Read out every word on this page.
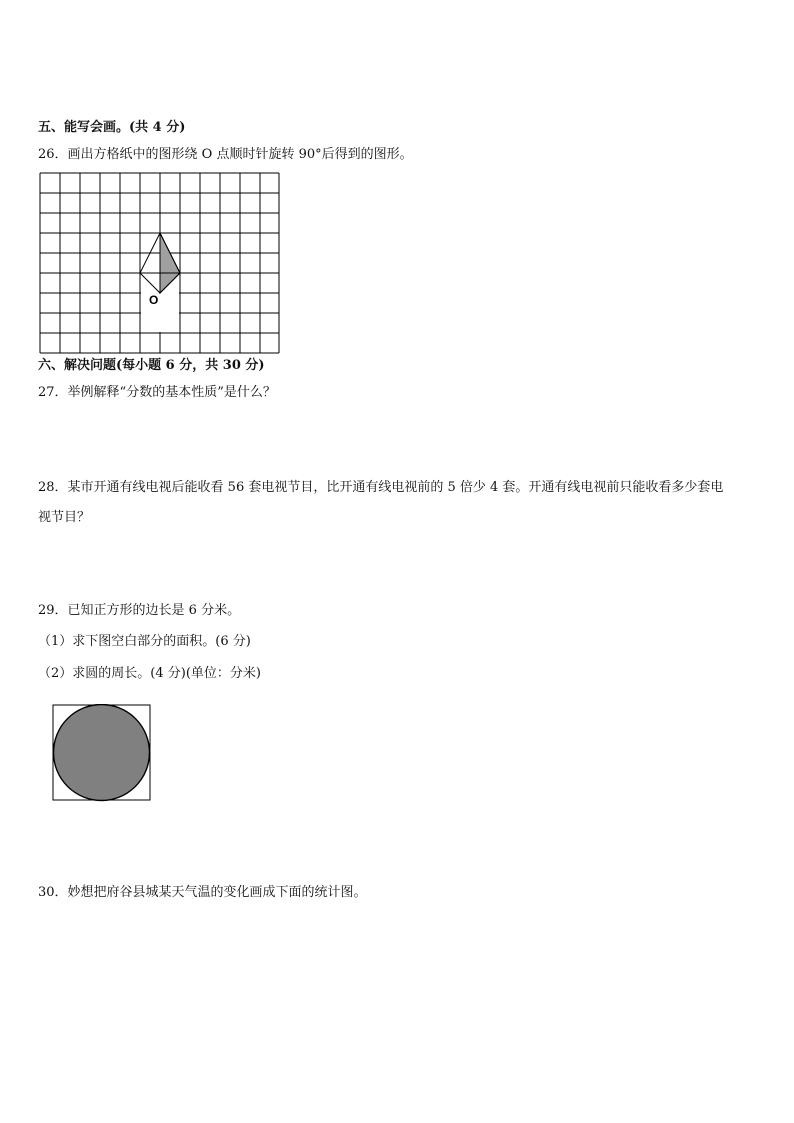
五、能写会画。(共 4 分)
26．画出方格纸中的图形绕 O 点顺时针旋转 90°后得到的图形。
O
六、解决问题(每小题 6 分，共 30 分)
27．举例解释“分数的基本性质”是什么？
28．某市开通有线电视后能收看 56 套电视节目，比开通有线电视前的 5 倍少 4 套。开通有线电视前只能收看多少套电
视节目？
29．已知正方形的边长是 6 分米。
（1）求下图空白部分的面积。(6 分)
（2）求圆的周长。(4 分)(单位：分米)
30．妙想把府谷县城某天气温的变化画成下面的统计图。
